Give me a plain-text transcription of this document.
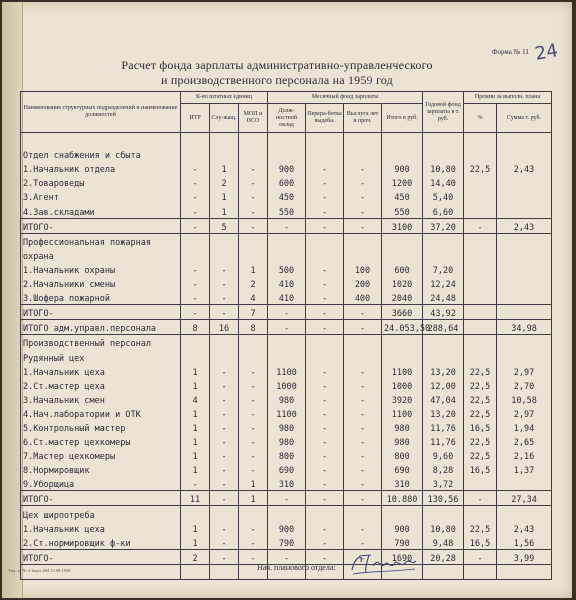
Форма № 11 24
Расчет фонда зарплаты административно-управленческого
и производственного персонала на 1959 год
Наименование структурных подразделений и наименование должностей	К-во штатных единиц			Месячный фонд зарплаты				Годовой фонд зарплаты в т. руб.	Премии за выполн. плана	
	ИТР	Слу-жащ.	МОП и ПСО	Долж-ностной оклад	Перера-ботка выдеба.	Выслуга лет и проч.	Итого в руб.		%	Сумма т. руб.

Отдел снабжения и сбыта										
1.Начальник отдела	-	1	-	900	-	-	900	10,80	22,5	2,43
2.Товароведы	-	2	-	600	-	-	1200	14,40		
3.Агент	-	1	-	450	-	-	450	5,40		
4.Зав.складами	-	1	-	550	-	-	550	6,60		
ИТОГО-	-	5	-	-	-	-	3100	37,20	-	2,43
Профессиональная пожарная										
охрана										
1.Начальник охраны	-	-	1	500	-	100	600	7,20		
2.Начальники смены	-	-	2	410	-	200	1020	12,24		
3.Шофера пожарной	-	-	4	410	-	400	2040	24,48		
ИТОГО-	-	-	7	-	-	-	3660	43,92		
ИТОГО адм.управл.персонала	8	16	8	-	-	-	24.053,50	288,64		34,98
Производственный персонал										
Рудянный цех										
1.Начальник цеха	1	-	-	1100	-	-	1100	13,20	22,5	2,97
2.Ст.мастер цеха	1	-	-	1000	-	-	1000	12,00	22,5	2,70
3.Начальник смен	4	-	-	980	-	-	3920	47,04	22,5	10,58
4.Нач.лаборатории и ОТК	1	-	-	1100	-	-	1100	13,20	22,5	2,97
5.Контрольный мастер	1	-	-	980	-	-	980	11,76	16,5	1,94
6.Ст.мастер цехкомеры	1	-	-	980	-	-	980	11,76	22,5	2,65
7.Мастер цехкомеры	1	-	-	800	-	-	800	9,60	22,5	2,16
8.Нормировщик	1	-	-	690	-	-	690	8,28	16,5	1,37
9.Уборщица	-	-	1	310	-	-	310	3,72		
ИТОГО-	11	-	1	-	-	-	10.880	130,56	-	27,34
Цех ширпотреба										
1.Начальник цеха	1	-	-	900	-	-	900	10,80	22,5	2,43
2.Ст.нормировщик ф-ки	1	-	-	790	-	-	790	9,48	16,5	1,56
ИТОГО-	2	-	-	-	-	-	1690	20,28	-	3,99

Тип. п. № 4 Заказ 494 13.08.1958	Нач. планового отдела:
